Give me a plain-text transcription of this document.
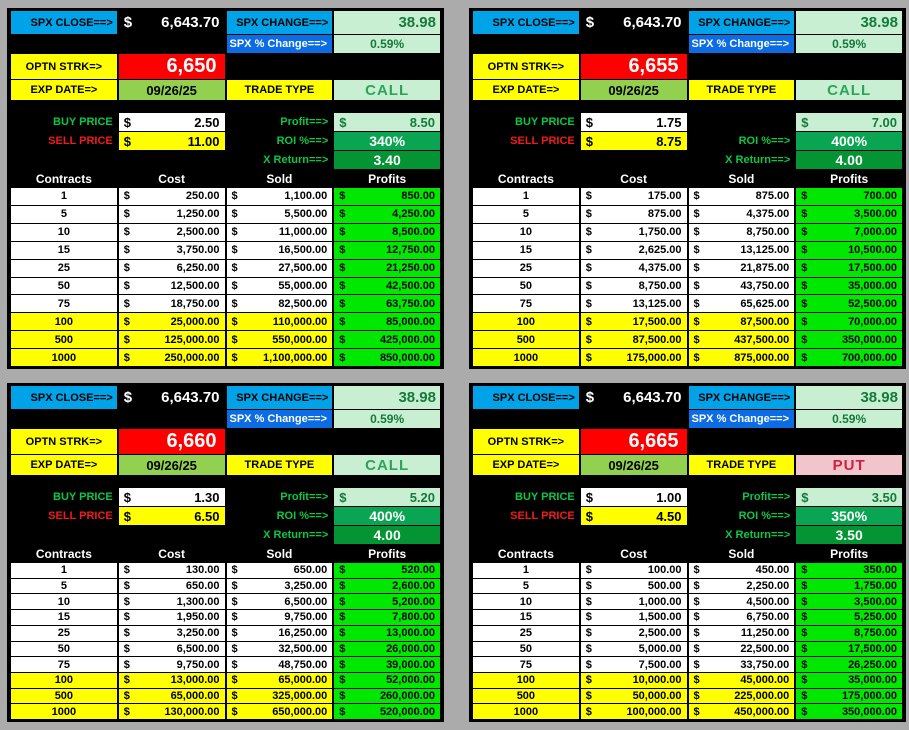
SPX CLOSE==> $ 6,643.70	SPX CHANGE==>	38.98
SPX % Change==>	0.59%
OPTN STRK=>	6,650
EXP DATE=>	09/26/25	TRADE TYPE	CALL
BUY PRICE $	2.50	Profit==> $	8.50
SELL PRICE $	11.00	ROI %==>	340%
X Return==>	3.40
Contracts	Cost	Sold	Profits
1	$	250.00 $	1,100.00 $	850.00
5	$	1,250.00 $	5,500.00 $	4,250.00
10	$	2,500.00 $	11,000.00 $	8,500.00
15	$	3,750.00 $	16,500.00 $	12,750.00
25	$	6,250.00 $	27,500.00 $	21,250.00
50	$	12,500.00 $	55,000.00 $	42,500.00
75	$	18,750.00 $	82,500.00 $	63,750.00
100	$	25,000.00 $	110,000.00 $	85,000.00
500	$	125,000.00 $	550,000.00 $	425,000.00
1000	$	250,000.00 $ 1,100,000.00 $	850,000.00
SPX CLOSE==> $ 6,643.70	SPX CHANGE==>	38.98
SPX % Change==>	0.59%
OPTN STRK=>	6,655
EXP DATE=>	09/26/25	TRADE TYPE	CALL
BUY PRICE $	1.75	$	7.00
SELL PRICE $	8.75	ROI %==>	400%
X Return==>	4.00
Contracts	Cost	Sold	Profits
1	$	175.00 $	875.00 $	700.00
5	$	875.00 $	4,375.00 $	3,500.00
10	$	1,750.00 $	8,750.00 $	7,000.00
15	$	2,625.00 $	13,125.00 $	10,500.00
25	$	4,375.00 $	21,875.00 $	17,500.00
50	$	8,750.00 $	43,750.00 $	35,000.00
75	$	13,125.00 $	65,625.00 $	52,500.00
100	$	17,500.00 $	87,500.00 $	70,000.00
500	$	87,500.00 $	437,500.00 $	350,000.00
1000	$	175,000.00 $	875,000.00 $	700,000.00
SPX CLOSE==> $ 6,643.70	SPX CHANGE==>	38.98
SPX % Change==>	0.59%
OPTN STRK=>	6,660
EXP DATE=>	09/26/25	TRADE TYPE	CALL
BUY PRICE $	1.30	Profit==> $	5.20
SELL PRICE $	6.50	ROI %==>	400%
X Return==>	4.00
Contracts	Cost	Sold	Profits
1	$	130.00 $	650.00 $	520.00
5	$	650.00 $	3,250.00 $	2,600.00
10	$	1,300.00 $	6,500.00 $	5,200.00
15	$	1,950.00 $	9,750.00 $	7,800.00
25	$	3,250.00 $	16,250.00 $	13,000.00
50	$	6,500.00 $	32,500.00 $	26,000.00
75	$	9,750.00 $	48,750.00 $	39,000.00
100	$	13,000.00 $	65,000.00 $	52,000.00
500	$	65,000.00 $	325,000.00 $	260,000.00
1000	$	130,000.00 $	650,000.00 $	520,000.00
SPX CLOSE==> $ 6,643.70	SPX CHANGE==>	38.98
SPX % Change==>	0.59%
OPTN STRK=>	6,665
EXP DATE=>	09/26/25	TRADE TYPE	PUT
BUY PRICE $	1.00	Profit==> $	3.50
SELL PRICE $	4.50	ROI %==>	350%
X Return==>	3.50
Contracts	Cost	Sold	Profits
1	$	100.00 $	450.00 $	350.00
5	$	500.00 $	2,250.00 $	1,750.00
10	$	1,000.00 $	4,500.00 $	3,500.00
15	$	1,500.00 $	6,750.00 $	5,250.00
25	$	2,500.00 $	11,250.00 $	8,750.00
50	$	5,000.00 $	22,500.00 $	17,500.00
75	$	7,500.00 $	33,750.00 $	26,250.00
100	$	10,000.00 $	45,000.00 $	35,000.00
500	$	50,000.00 $	225,000.00 $	175,000.00
1000	$	100,000.00 $	450,000.00 $	350,000.00
